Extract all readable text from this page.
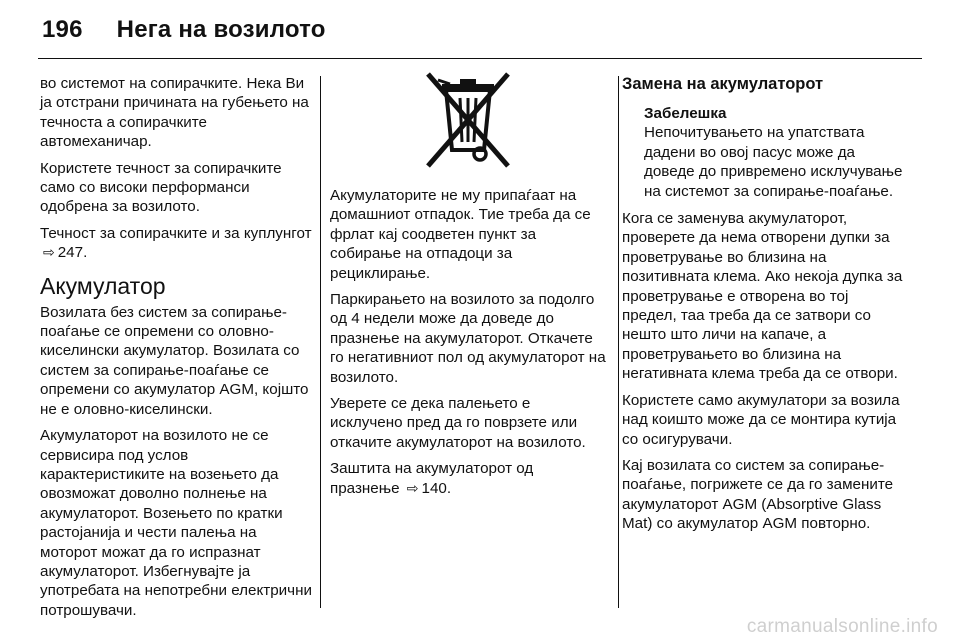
196 Нега на возилото

во системот на сопирачките. Нека Ви ја отстрани причината на губењето на течноста а сопирачките автомеханичар.

Користете течност за сопирачките само со високи перформанси одобрена за возилото.

Течност за сопирачките и за куплунгот ⇨ 247.

Акумулатор

Возилата без систем за сопирање-поаѓање се опремени со оловно-киселински акумулатор. Возилата со систем за сопирање-поаѓање се опремени со акумулатор AGM, којшто не е оловно-киселински.

Акумулаторот на возилото не се сервисира под услов карактеристиките на возењето да овозможат доволно полнење на акумулаторот. Возењето по кратки растојанија и чести палења на моторот можат да го испразнат акумулаторот. Избегнувајте ја употребата на непотребни електрични потрошувачи.

Акумулаторите не му припаѓаат на домашниот отпадок. Тие треба да се фрлат кај соодветен пункт за собирање на отпадоци за рециклирање.

Паркирањето на возилото за подолго од 4 недели може да доведе до празнење на акумулаторот. Откачете го негативниот пол од акумулаторот на возилото.

Уверете се дека палењето е исклучено пред да го поврзете или откачите акумулаторот на возилото.

Заштита на акумулаторот од празнење ⇨ 140.

Замена на акумулаторот
Забелешка
Непочитувањето на упатствата дадени во овој пасус може да доведе до привремено исклучување на системот за сопирање-поаѓање.

Кога се заменува акумулаторот, проверете да нема отворени дупки за проветрување во близина на позитивната клема. Ако некоја дупка за проветрување е отворена во тој предел, таа треба да се затвори со нешто што личи на капаче, а проветрувањето во близина на негативната клема треба да се отвори.

Користете само акумулатори за возила над коишто може да се монтира кутија со осигурувачи.

Кај возилата со систем за сопирање-поаѓање, погрижете се да го замените акумулаторот AGM (Absorptive Glass Mat) со акумулатор AGM повторно.

carmanualsonline.info
